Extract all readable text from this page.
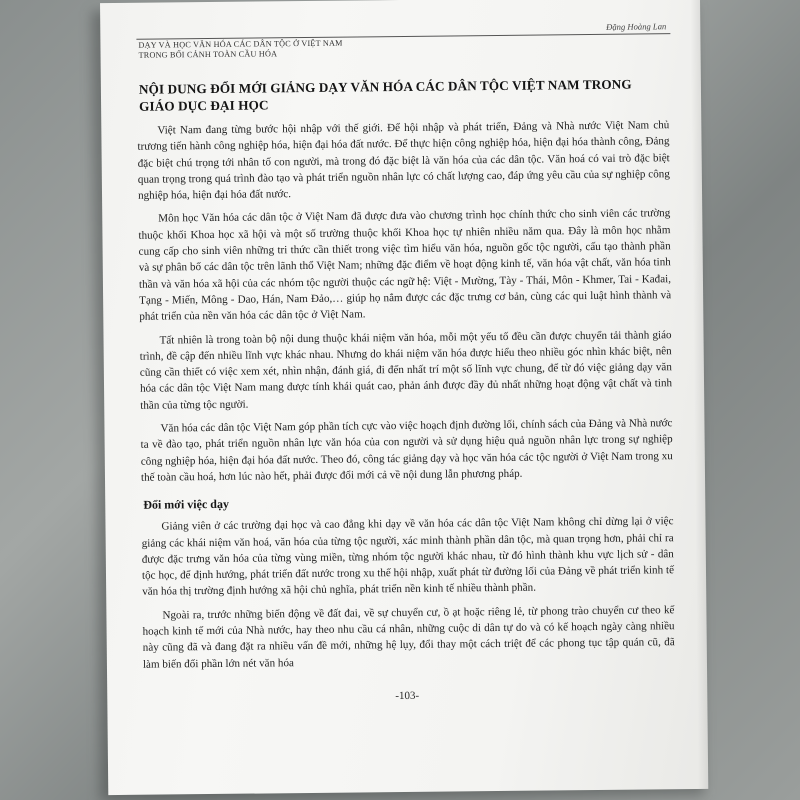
DẠY VÀ HỌC VĂN HÓA CÁC DÂN TỘC Ở VIỆT NAM
TRONG BỐI CẢNH TOÀN CẦU HÓA
Đặng Hoàng Lan
NỘI DUNG ĐỔI MỚI GIẢNG DẠY VĂN HÓA CÁC DÂN TỘC VIỆT NAM TRONG
GIÁO DỤC ĐẠI HỌC

Việt Nam đang từng bước hội nhập với thế giới. Để hội nhập và phát triển, Đảng và Nhà nước Việt Nam chủ trương tiến hành công nghiệp hóa, hiện đại hóa đất nước. Để thực hiện công nghiệp hóa, hiện đại hóa thành công, Đảng đặc biệt chú trọng tới nhân tố con người, mà trong đó đặc biệt là văn hóa của các dân tộc. Văn hoá có vai trò đặc biệt quan trọng trong quá trình đào tạo và phát triển nguồn nhân lực có chất lượng cao, đáp ứng yêu cầu của sự nghiệp công nghiệp hóa, hiện đại hóa đất nước.

Môn học Văn hóa các dân tộc ở Việt Nam đã được đưa vào chương trình học chính thức cho sinh viên các trường thuộc khối Khoa học xã hội và một số trường thuộc khối Khoa học tự nhiên nhiều năm qua. Đây là môn học nhằm cung cấp cho sinh viên những tri thức cần thiết trong việc tìm hiểu văn hóa, nguồn gốc tộc người, cấu tạo thành phần và sự phân bố các dân tộc trên lãnh thổ Việt Nam; những đặc điểm về hoạt động kinh tế, văn hóa vật chất, văn hóa tinh thần và văn hóa xã hội của các nhóm tộc người thuộc các ngữ hệ: Việt - Mường, Tày - Thái, Môn - Khmer, Tai - Kađai, Tạng - Miến, Mông - Dao, Hán, Nam Đảo,… giúp họ nắm được các đặc trưng cơ bản, cùng các qui luật hình thành và phát triển của nền văn hóa các dân tộc ở Việt Nam.

Tất nhiên là trong toàn bộ nội dung thuộc khái niệm văn hóa, mỗi một yếu tố đều cần được chuyển tải thành giáo trình, đề cập đến nhiều lĩnh vực khác nhau. Nhưng do khái niệm văn hóa được hiểu theo nhiều góc nhìn khác biệt, nên cũng cần thiết có việc xem xét, nhìn nhận, đánh giá, đi đến nhất trí một số lĩnh vực chung, để từ đó việc giảng dạy văn hóa các dân tộc Việt Nam mang được tính khái quát cao, phản ánh được đầy đủ nhất những hoạt động vật chất và tinh thần của từng tộc người.

Văn hóa các dân tộc Việt Nam góp phần tích cực vào việc hoạch định đường lối, chính sách của Đảng và Nhà nước ta về đào tạo, phát triển nguồn nhân lực văn hóa của con người và sử dụng hiệu quả nguồn nhân lực trong sự nghiệp công nghiệp hóa, hiện đại hóa đất nước. Theo đó, công tác giảng dạy và học văn hóa các tộc người ở Việt Nam trong xu thế toàn cầu hoá, hơn lúc nào hết, phải được đổi mới cả về nội dung lẫn phương pháp.

Đổi mới việc dạy

Giảng viên ở các trường đại học và cao đẳng khi dạy về văn hóa các dân tộc Việt Nam không chỉ dừng lại ở việc giảng các khái niệm văn hoá, văn hóa của từng tộc người, xác minh thành phần dân tộc, mà quan trọng hơn, phải chỉ ra được đặc trưng văn hóa của từng vùng miền, từng nhóm tộc người khác nhau, từ đó hình thành khu vực lịch sử - dân tộc học, để định hướng, phát triển đất nước trong xu thế hội nhập, xuất phát từ đường lối của Đảng về phát triển kinh tế văn hóa thị trường định hướng xã hội chủ nghĩa, phát triển nền kinh tế nhiều thành phần.

Ngoài ra, trước những biến động về đất đai, về sự chuyển cư, ồ ạt hoặc riêng lẻ, từ phong trào chuyển cư theo kế hoạch kinh tế mới của Nhà nước, hay theo nhu cầu cá nhân, những cuộc di dân tự do và có kế hoạch ngày càng nhiều này cũng đã và đang đặt ra nhiều vấn đề mới, những hệ lụy, đổi thay một cách triệt để các phong tục tập quán cũ, đã làm biến đổi phần lớn nét văn hóa

-103-
